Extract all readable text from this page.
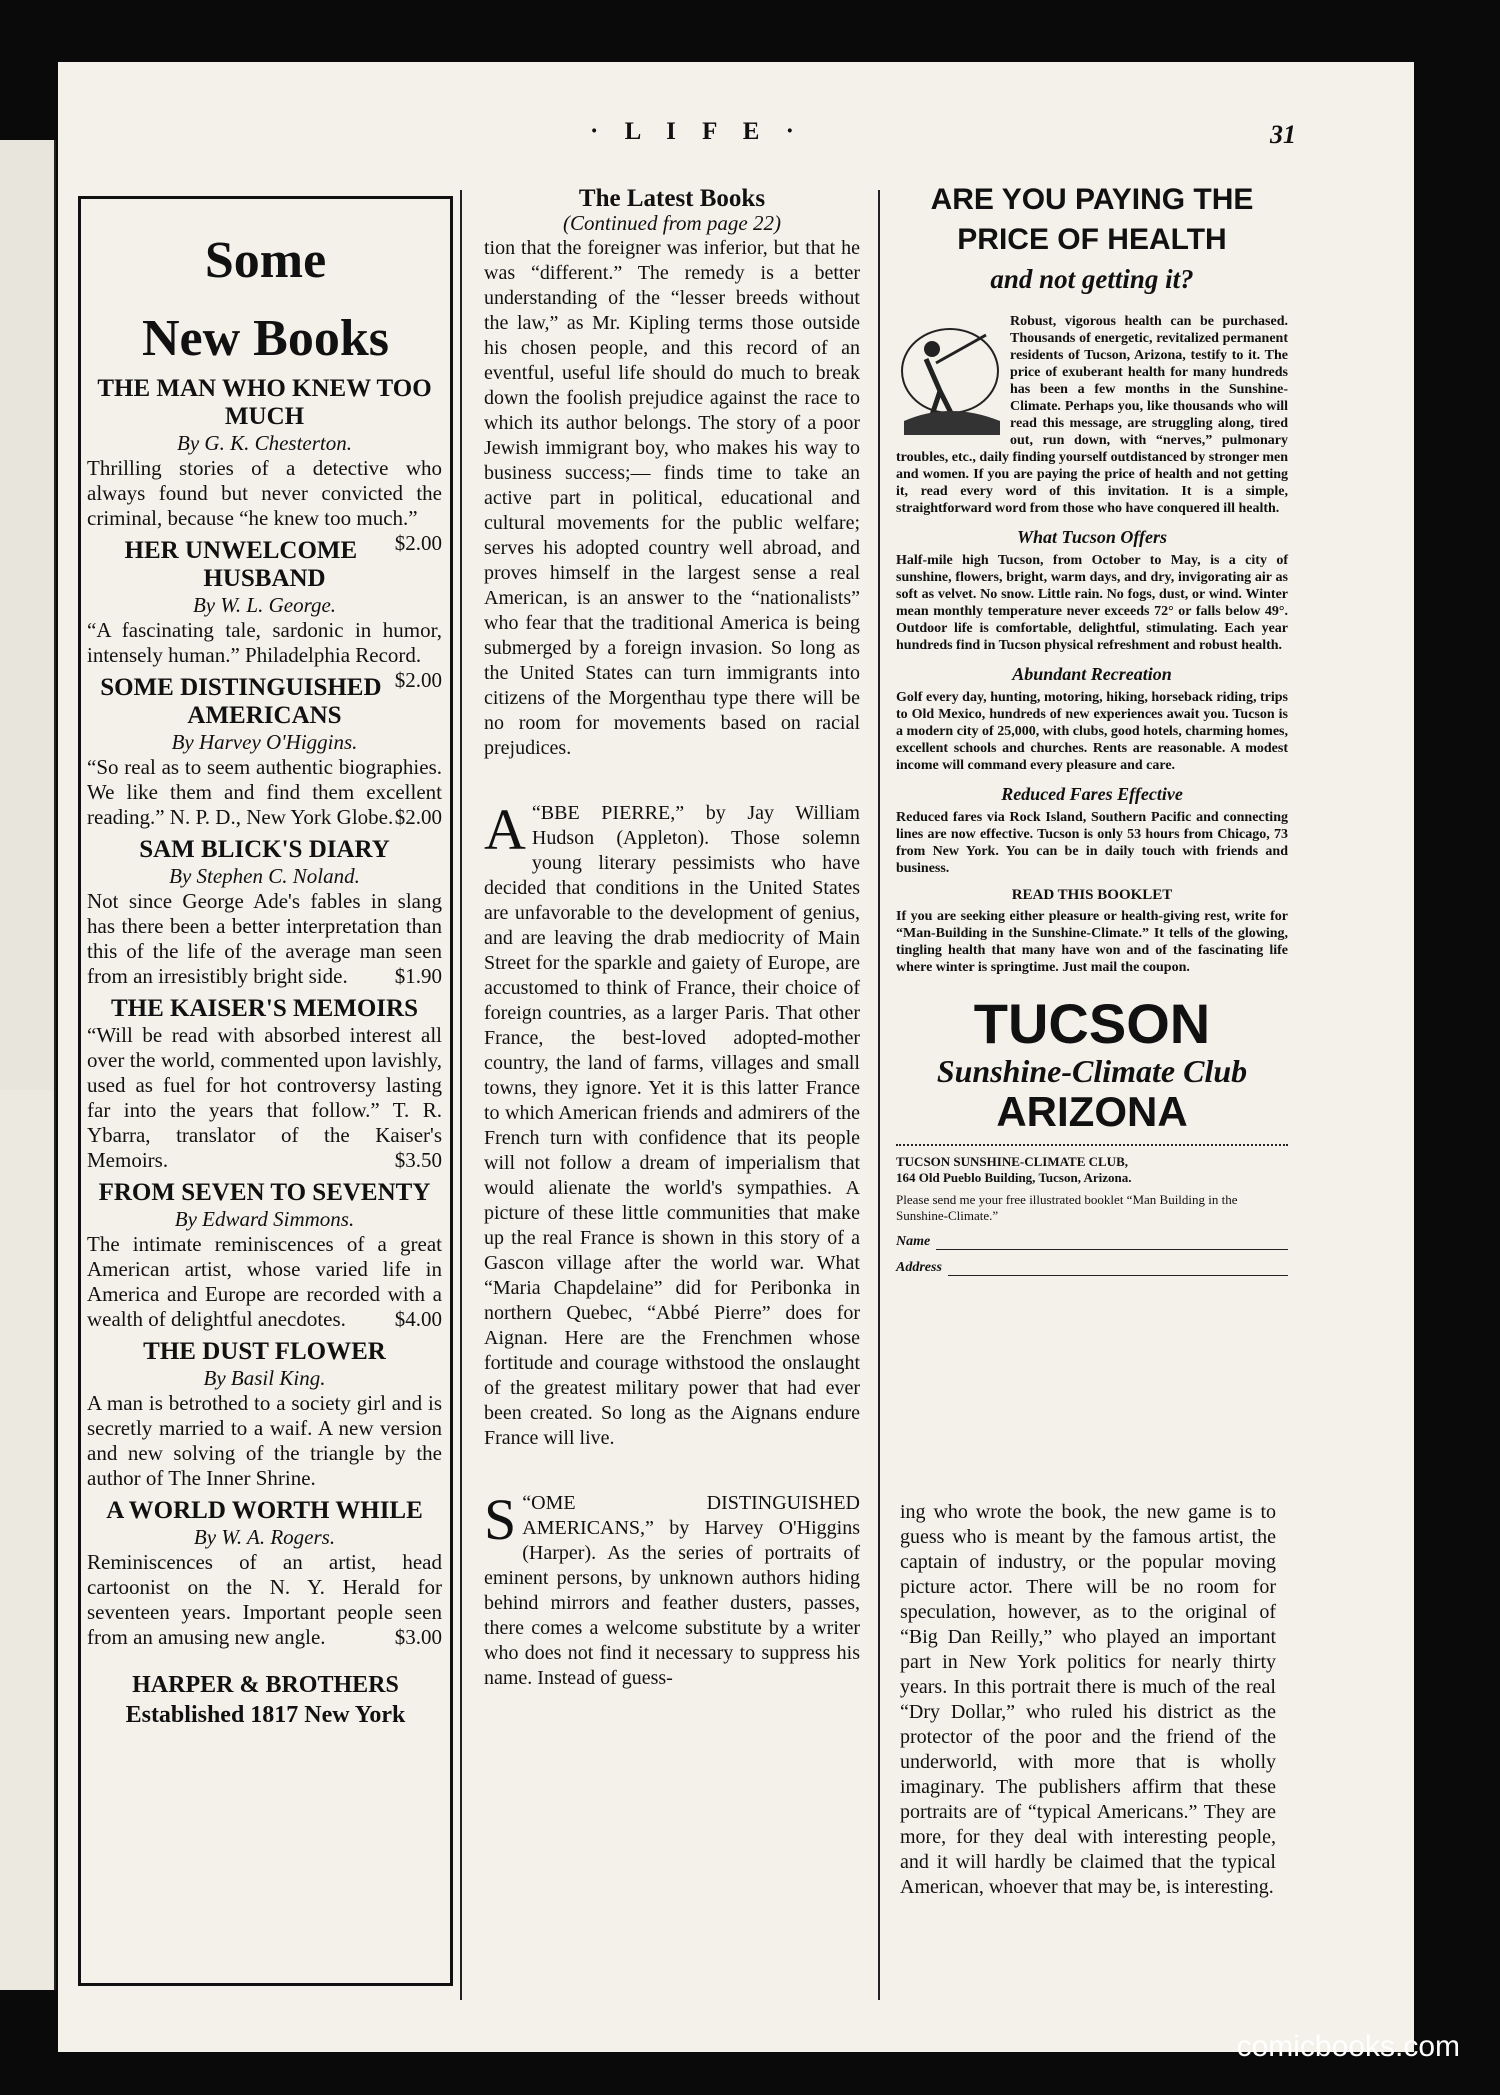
· L I F E ·	31
Some
New Books
THE MAN WHO KNEW TOO MUCH
By G. K. Chesterton.
Thrilling stories of a detective who always found but never convicted the criminal, because “he knew too much.”
$2.00
HER UNWELCOME HUSBAND
By W. L. George.
“A fascinating tale, sardonic in humor, intensely human.” Philadelphia Record.
$2.00
SOME DISTINGUISHED AMERICANS
By Harvey O'Higgins.
“So real as to seem authentic biographies. We like them and find them excellent reading.” N. P. D., New York Globe. $2.00
SAM BLICK'S DIARY
By Stephen C. Noland.
Not since George Ade's fables in slang has there been a better interpretation than this of the life of the average man seen from an irresistibly bright side. $1.90
THE KAISER'S MEMOIRS
“Will be read with absorbed interest all over the world, commented upon lavishly, used as fuel for hot controversy lasting far into the years that follow.” T. R. Ybarra, translator of the Kaiser's Memoirs.	$3.50
FROM SEVEN TO SEVENTY
By Edward Simmons.
The intimate reminiscences of a great American artist, whose varied life in America and Europe are recorded with a wealth of delightful anecdotes. $4.00
THE DUST FLOWER
By Basil King.
A man is betrothed to a society girl and is secretly married to a waif. A new version and new solving of the triangle by the author of The Inner Shrine.
A WORLD WORTH WHILE
By W. A. Rogers.
Reminiscences of an artist, head cartoonist on the N. Y. Herald for seventeen years. Important people seen from an amusing new angle.	$3.00
HARPER & BROTHERS
Established 1817 New York
The Latest Books
(Continued from page 22)

tion that the foreigner was inferior, but that he was “different.” The remedy is a better understanding of the “lesser breeds without the law,” as Mr. Kipling terms those outside his chosen people, and this record of an eventful, useful life should do much to break down the foolish prejudice against the race to which its author belongs. The story of a poor Jewish immigrant boy, who makes his way to business success;— finds time to take an active part in political, educational and cultural movements for the public welfare; serves his adopted country well abroad, and proves himself in the largest sense a real American, is an answer to the “nationalists” who fear that the traditional America is being submerged by a foreign invasion. So long as the United States can turn immigrants into citizens of the Morgenthau type there will be no room for movements based on racial prejudices.

“
A BBE PIERRE,” by Jay William Hudson (Appleton). Those solemn young literary pessimists who have decided that conditions in the United States are unfavorable to the development of genius, and are leaving the drab mediocrity of Main Street for the sparkle and gaiety of Europe, are accustomed to think of France, their choice of foreign countries, as a larger Paris. That other France, the best-loved adopted-mother country, the land of farms, villages and small towns, they ignore. Yet it is this latter France to which American friends and admirers of the French turn with confidence that its people will not follow a dream of imperialism that would alienate the world's sympathies. A picture of these little communities that make up the real France is shown in this story of a Gascon village after the world war. What “Maria Chapdelaine” did for Peribonka in northern Quebec, “Abbé Pierre” does for Aignan. Here are the Frenchmen whose fortitude and courage withstood the onslaught of the greatest military power that had ever been created. So long as the Aignans endure France will live.

“
S OME DISTINGUISHED AMERICANS,” by Harvey O'Higgins (Harper). As the series of portraits of eminent persons, by unknown authors hiding behind mirrors and feather dusters, passes, there comes a welcome substitute by a writer who does not find it necessary to suppress his name. Instead of guess-

ARE YOU PAYING THE PRICE OF HEALTH
and not getting it?
Robust, vigorous health can be purchased. Thousands of energetic, revitalized permanent residents of Tucson, Arizona, testify to it. The price of exuberant health for many hundreds has been a few months in the Sunshine-Climate. Perhaps you, like thousands who will read this message, are struggling along, tired out, run down, with “nerves,” pulmonary troubles, etc., daily finding yourself outdistanced by stronger men and women. If you are paying the price of health and not getting it, read every word of this invitation. It is a simple, straightforward word from those who have conquered ill health.
What Tucson Offers
Half-mile high Tucson, from October to May, is a city of sunshine, flowers, bright, warm days, and dry, invigorating air as soft as velvet. No snow. Little rain. No fogs, dust, or wind. Winter mean monthly temperature never exceeds 72° or falls below 49°. Outdoor life is comfortable, delightful, stimulating. Each year hundreds find in Tucson physical refreshment and robust health.
Abundant Recreation
Golf every day, hunting, motoring, hiking, horseback riding, trips to Old Mexico, hundreds of new experiences await you. Tucson is a modern city of 25,000, with clubs, good hotels, charming homes, excellent schools and churches. Rents are reasonable. A modest income will command every pleasure and care.
Reduced Fares Effective
Reduced fares via Rock Island, Southern Pacific and connecting lines are now effective. Tucson is only 53 hours from Chicago, 73 from New York. You can be in daily touch with friends and business.
READ THIS BOOKLET
If you are seeking either pleasure or health-giving rest, write for “Man-Building in the Sunshine-Climate.” It tells of the glowing, tingling health that many have won and of the fascinating life where winter is springtime. Just mail the coupon.
TUCSON
Sunshine-Climate Club
ARIZONA
TUCSON SUNSHINE-CLIMATE CLUB,
164 Old Pueblo Building, Tucson, Arizona.
Please send me your free illustrated booklet “Man Building in the Sunshine-Climate.”
Name
Address
ing who wrote the book, the new game is to guess who is meant by the famous artist, the captain of industry, or the popular moving picture actor. There will be no room for speculation, however, as to the original of “Big Dan Reilly,” who played an important part in New York politics for nearly thirty years. In this portrait there is much of the real “Dry Dollar,” who ruled his district as the protector of the poor and the friend of the underworld, with more that is wholly imaginary. The publishers affirm that these portraits are of “typical Americans.” They are more, for they deal with interesting people, and it will hardly be claimed that the typical American, whoever that may be, is interesting.
comicbooks.com
